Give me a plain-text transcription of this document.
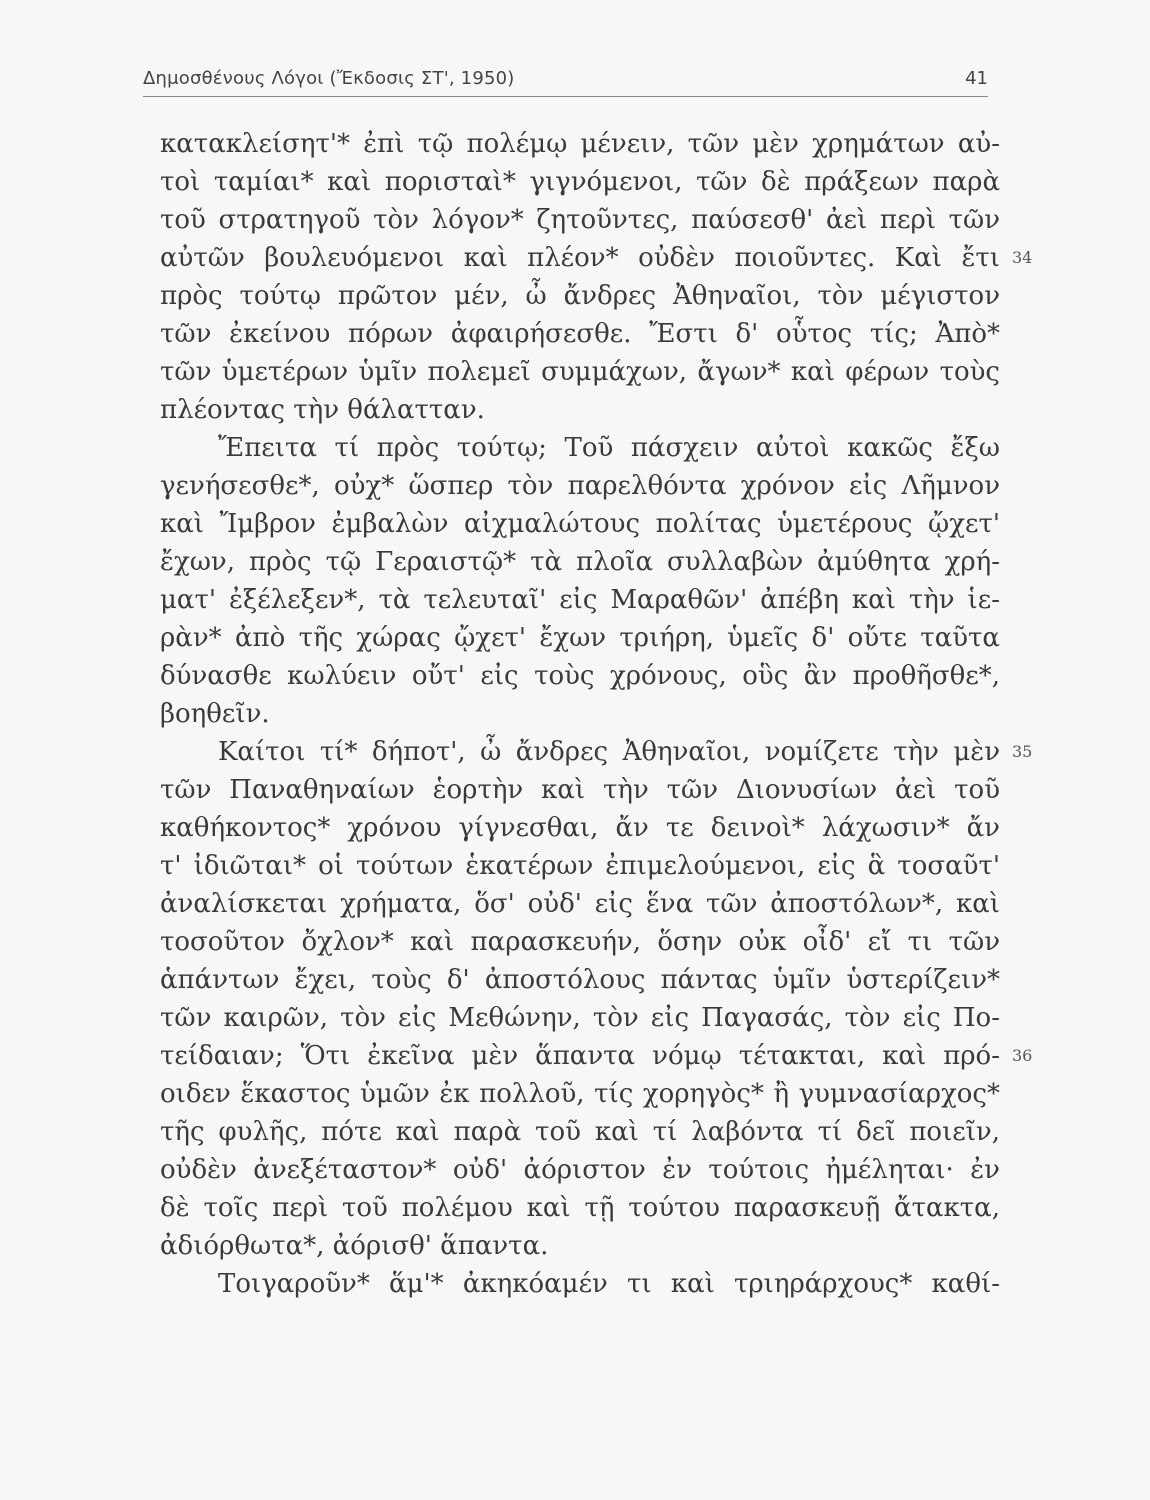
Δημοσθένους Λόγοι (Ἔκδοσις ΣΤ', 1950)	41
κατακλείσητ'* ἐπὶ τῷ πολέμῳ μένειν, τῶν μὲν χρημάτων αὐ-
τοὶ ταμίαι* καὶ πορισταὶ* γιγνόμενοι, τῶν δὲ πράξεων παρὰ
τοῦ στρατηγοῦ τὸν λόγον* ζητοῦντες, παύσεσθ' ἀεὶ περὶ τῶν
αὐτῶν βουλευόμενοι καὶ πλέον* οὐδὲν ποιοῦντες. Καὶ ἔτι 34
πρὸς τούτῳ πρῶτον μέν, ὦ ἄνδρες Ἀθηναῖοι, τὸν μέγιστον
τῶν ἐκείνου πόρων ἀφαιρήσεσθε. Ἔστι δ' οὗτος τίς; Ἀπὸ*
τῶν ὑμετέρων ὑμῖν πολεμεῖ συμμάχων, ἄγων* καὶ φέρων τοὺς
πλέοντας τὴν θάλατταν.
Ἔπειτα τί πρὸς τούτῳ; Τοῦ πάσχειν αὐτοὶ κακῶς ἔξω
γενήσεσθε*, οὐχ* ὥσπερ τὸν παρελθόντα χρόνον εἰς Λῆμνον
καὶ Ἴμβρον ἐμβαλὼν αἰχμαλώτους πολίτας ὑμετέρους ᾤχετ'
ἔχων, πρὸς τῷ Γεραιστῷ* τὰ πλοῖα συλλαβὼν ἀμύθητα χρή-
ματ' ἐξέλεξεν*, τὰ τελευταῖ' εἰς Μαραθῶν' ἀπέβη καὶ τὴν ἱε-
ρὰν* ἀπὸ τῆς χώρας ᾤχετ' ἔχων τριήρη, ὑμεῖς δ' οὔτε ταῦτα
δύνασθε κωλύειν οὔτ' εἰς τοὺς χρόνους, οὓς ἂν προθῆσθε*,
βοηθεῖν.
Καίτοι τί* δήποτ', ὦ ἄνδρες Ἀθηναῖοι, νομίζετε τὴν μὲν 35
τῶν Παναθηναίων ἑορτὴν καὶ τὴν τῶν Διονυσίων ἀεὶ τοῦ
καθήκοντος* χρόνου γίγνεσθαι, ἄν τε δεινοὶ* λάχωσιν* ἄν
τ' ἰδιῶται* οἱ τούτων ἑκατέρων ἐπιμελούμενοι, εἰς ἃ τοσαῦτ'
ἀναλίσκεται χρήματα, ὅσ' οὐδ' εἰς ἕνα τῶν ἀποστόλων*, καὶ
τοσοῦτον ὄχλον* καὶ παρασκευήν, ὅσην οὐκ οἶδ' εἴ τι τῶν
ἁπάντων ἔχει, τοὺς δ' ἀποστόλους πάντας ὑμῖν ὑστερίζειν*
τῶν καιρῶν, τὸν εἰς Μεθώνην, τὸν εἰς Παγασάς, τὸν εἰς Πο-
τείδαιαν; Ὅτι ἐκεῖνα μὲν ἅπαντα νόμῳ τέτακται, καὶ πρό- 36
οιδεν ἕκαστος ὑμῶν ἐκ πολλοῦ, τίς χορηγὸς* ἢ γυμνασίαρχος*
τῆς φυλῆς, πότε καὶ παρὰ τοῦ καὶ τί λαβόντα τί δεῖ ποιεῖν,
οὐδὲν ἀνεξέταστον* οὐδ' ἀόριστον ἐν τούτοις ἠμέληται· ἐν
δὲ τοῖς περὶ τοῦ πολέμου καὶ τῇ τούτου παρασκευῇ ἄτακτα,
ἀδιόρθωτα*, ἀόρισθ' ἅπαντα.
Τοιγαροῦν* ἅμ'* ἀκηκόαμέν τι καὶ τριηράρχους* καθί-
